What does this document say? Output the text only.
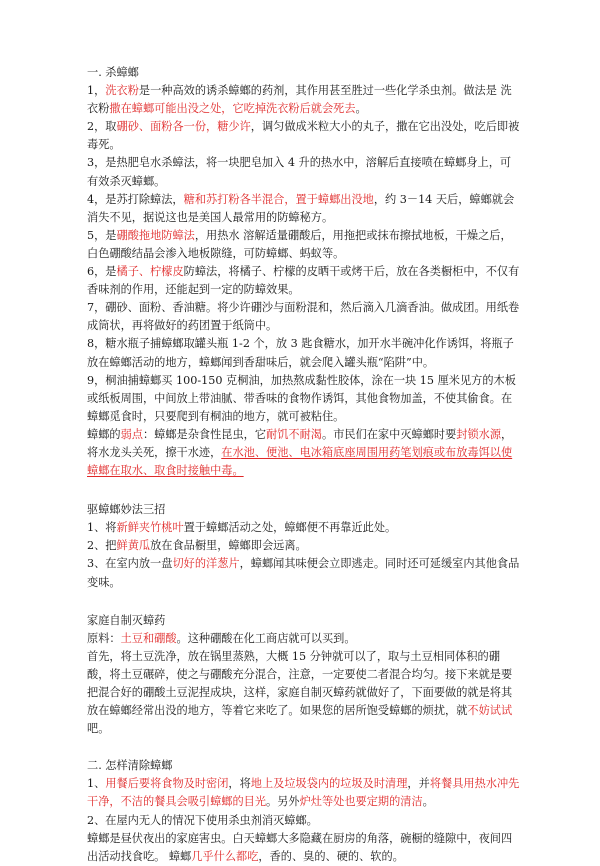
一. 杀蟑螂

1，洗衣粉是一种高效的诱杀蟑螂的药剂，其作用甚至胜过一些化学杀虫剂。做法是 洗衣粉撒在蟑螂可能出没之处，它吃掉洗衣粉后就会死去。

2，取硼砂、面粉各一份，糖少许，调匀做成米粒大小的丸子，撒在它出没处，吃后即被毒死。

3，是热肥皂水杀蟑法，将一块肥皂加入 4 升的热水中，溶解后直接喷在蟑螂身上，可有效杀灭蟑螂。

4，是苏打除蟑法，糖和苏打粉各半混合，置于蟑螂出没地，约 3－14 天后，蟑螂就会消失不见，据说这也是美国人最常用的防蟑秘方。

5，是硼酸拖地防蟑法，用热水 溶解适量硼酸后，用拖把或抹布擦拭地板，干燥之后，白色硼酸结晶会渗入地板隙缝，可防蟑螂、蚂蚁等。

6，是橘子、柠檬皮防蟑法，将橘子、柠檬的皮晒干或烤干后，放在各类橱柜中，不仅有香味剂的作用，还能起到一定的防蟑效果。

7，硼砂、面粉、香油糖。将少许硼沙与面粉混和，然后滴入几滴香油。做成团。用纸卷成筒状，再将做好的药团置于纸筒中。

8，糖水瓶子捕蟑螂取罐头瓶 1-2 个，放 3 匙食糖水，加开水半碗冲化作诱饵，将瓶子放在蟑螂活动的地方，蟑螂闻到香甜味后，就会爬入罐头瓶“陷阱”中。

9，桐油捕蟑螂买 100-150 克桐油，加热熬成黏性胶体，涂在一块 15 厘米见方的木板或纸板周围，中间放上带油腻、带香味的食物作诱饵，其他食物加盖，不使其偷食。在蟑螂觅食时，只要爬到有桐油的地方，就可被粘住。

蟑螂的弱点：蟑螂是杂食性昆虫，它耐饥不耐渴。市民们在家中灭蟑螂时要封锁水源，将水龙头关死，擦干水迹，在水池、便池、电冰箱底座周围用药笔划痕或布放毒饵以使蟑螂在取水、取食时接触中毒。

驱蟑螂妙法三招

1、将新鲜夹竹桃叶置于蟑螂活动之处，蟑螂便不再靠近此处。

2、把鲜黄瓜放在食品橱里，蟑螂即会远离。

3、在室内放一盘切好的洋葱片，蟑螂闻其味便会立即逃走。同时还可延缓室内其他食品变味。

家庭自制灭蟑药

原料：土豆和硼酸。这种硼酸在化工商店就可以买到。

首先，将土豆洗净，放在锅里蒸熟，大概 15 分钟就可以了，取与土豆相同体积的硼酸，将土豆碾碎，使之与硼酸充分混合，注意，一定要使二者混合均匀。接下来就是要把混合好的硼酸土豆泥捏成块，这样，家庭自制灭蟑药就做好了，下面要做的就是将其放在蟑螂经常出没的地方，等着它来吃了。如果您的居所饱受蟑螂的烦扰，就不妨试试吧。

二. 怎样清除蟑螂

1、用餐后要将食物及时密闭，将地上及垃圾袋内的垃圾及时清理，并将餐具用热水冲先干净，不洁的餐具会吸引蟑螂的目光。另外炉灶等处也要定期的清洁。

2、在屋内无人的情况下使用杀虫剂消灭蟑螂。

蟑螂是昼伏夜出的家庭害虫。白天蟑螂大多隐藏在厨房的角落，碗橱的缝隙中，夜间四出活动找食吃。 蟑螂几乎什么都吃，香的、臭的、硬的、软的。
